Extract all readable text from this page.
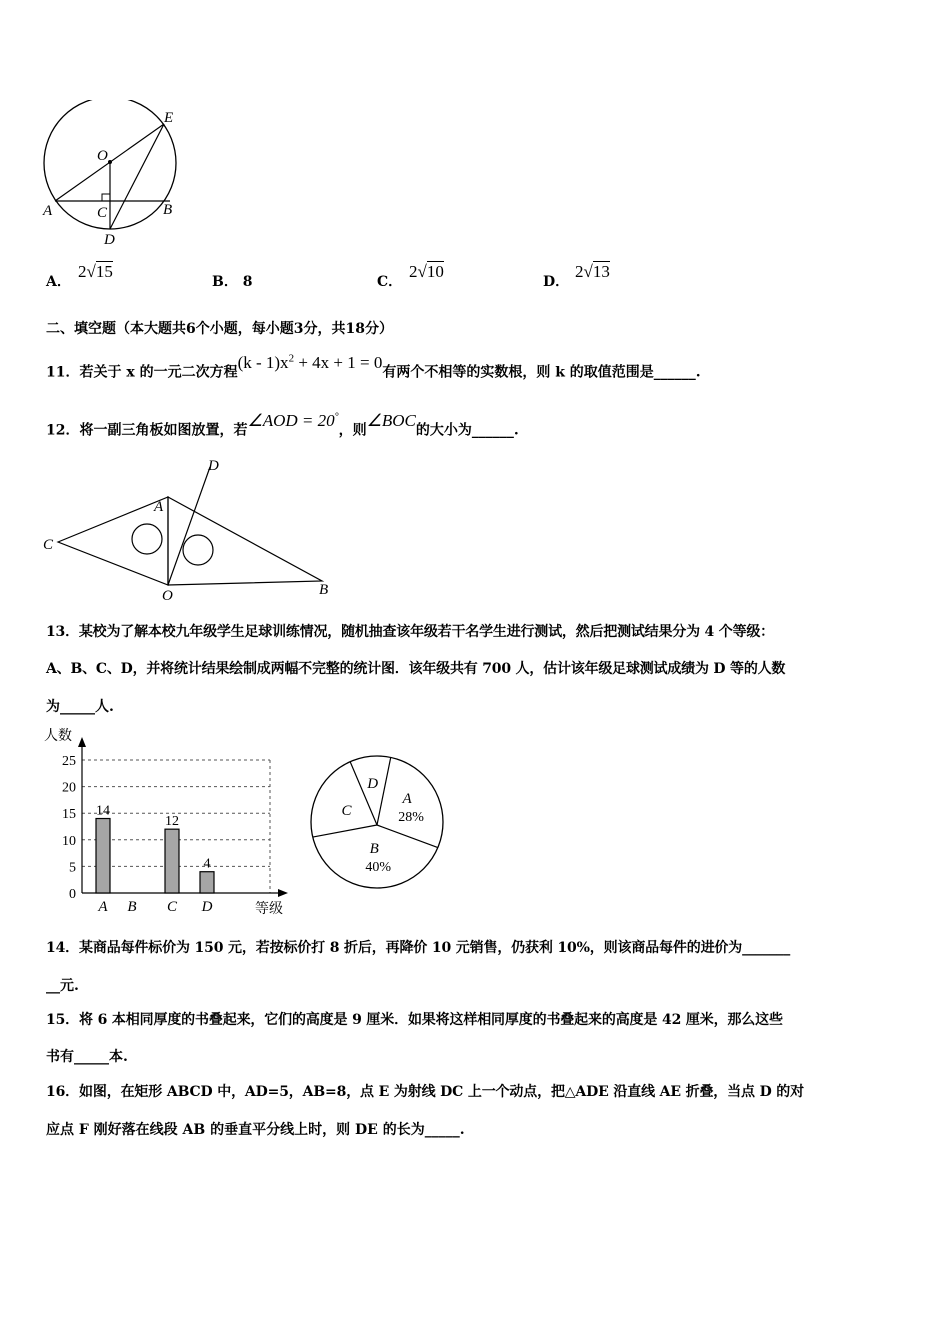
E
O
A	C	B
D
A．
2√15
B． 8	C．
2√10
D．
2√13
二、填空题（本大题共6个小题，每小题3分，共18分）
11．若关于 x 的一元二次方程$(k - 1)x^2 + 4x + 1 = 0$有两个不相等的实数根，则 k 的取值范围是______.
12．将一副三角板如图放置，若∠AOD = 20°，则∠BOC的大小为______.
D
A
C
O	B
13．某校为了解本校九年级学生足球训练情况，随机抽查该年级若干名学生进行测试，然后把测试结果分为 4 个等级：
A、B、C、D，并将统计结果绘制成两幅不完整的统计图．该年级共有 700 人，估计该年级足球测试成绩为 D 等的人数
为_____人.
人数
等级
0
5
10
15
20
25
14
A B
12
C
4
D
A
28%
B
40%
C
D
14．某商品每件标价为 150 元，若按标价打 8 折后，再降价 10 元销售，仍获利 10%，则该商品每件的进价为_______
__元.
15．将 6 本相同厚度的书叠起来，它们的高度是 9 厘米．如果将这样相同厚度的书叠起来的高度是 42 厘米，那么这些
书有_____本.
16．如图，在矩形 ABCD 中，AD=5，AB=8，点 E 为射线 DC 上一个动点，把△ADE 沿直线 AE 折叠，当点 D 的对
应点 F 刚好落在线段 AB 的垂直平分线上时，则 DE 的长为_____.
